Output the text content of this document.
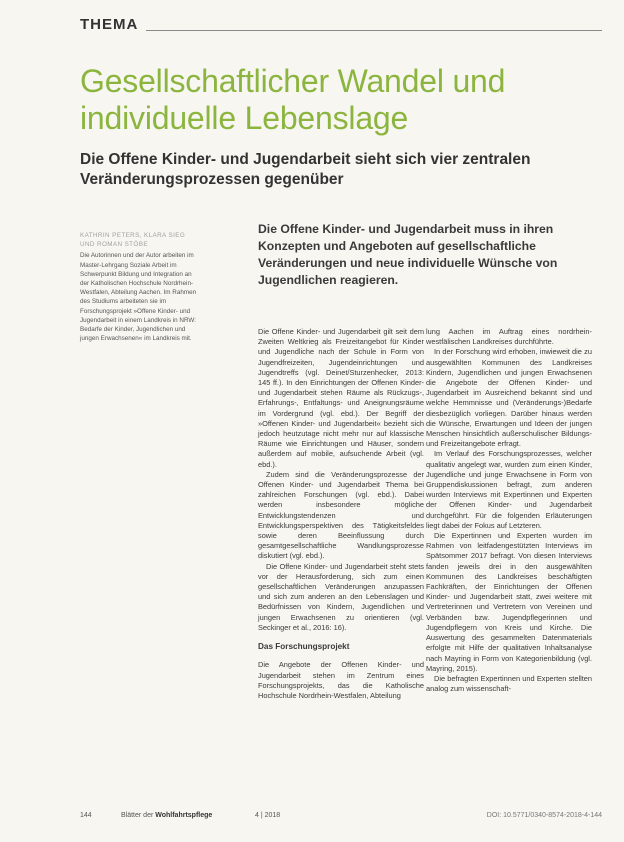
THEMA
Gesellschaftlicher Wandel und individuelle Lebenslage
Die Offene Kinder- und Jugendarbeit sieht sich vier zentralen Veränderungsprozessen gegenüber
KATHRIN PETERS, KLARA SIEG UND ROMAN STÖBE
Die Autorinnen und der Autor arbeiten im Master-Lehrgang Soziale Arbeit im Schwerpunkt Bildung und Integration an der Katholischen Hochschule Nordrhein-Westfalen, Abteilung Aachen. Im Rahmen des Studiums arbeiteten sie im Forschungsprojekt »Offene Kinder- und Jugendarbeit in einem Landkreis in NRW: Bedarfe der Kinder, Jugendlichen und jungen Erwachsenen« im Landkreis mit.

Die Offene Kinder- und Jugendarbeit muss in ihren Konzepten und Angeboten auf gesellschaftliche Veränderungen und neue individuelle Wünsche von Jugendlichen reagieren.

Die Offene Kinder- und Jugendarbeit gilt seit dem Zweiten Weltkrieg als Freizeitangebot für Kinder und Jugendliche nach der Schule in Form von Jugendfreizeiten, Jugendeinrichtungen und Jugendtreffs (vgl. Deinet/Sturzenhecker, 2013: 145 ff.). In den Einrichtungen der Offenen Kinder- und Jugendarbeit stehen Räume als Rückzugs-, Erfahrungs-, Entfaltungs- und Aneignungsräume im Vordergrund (vgl. ebd.). Der Begriff der »Offenen Kinder- und Jugendarbeit« bezieht sich jedoch heutzutage nicht mehr nur auf klassische Räume wie Einrichtungen und Häuser, sondern außerdem auf mobile, aufsuchende Arbeit (vgl. ebd.).

Zudem sind die Veränderungsprozesse der Offenen Kinder- und Jugendarbeit Thema bei zahlreichen Forschungen (vgl. ebd.). Dabei werden insbesondere mögliche Entwicklungstendenzen und Entwicklungsperspektiven des Tätigkeitsfeldes sowie deren Beeinflussung durch gesamtgesellschaftliche Wandlungsprozesse diskutiert (vgl. ebd.).

Die Offene Kinder- und Jugendarbeit steht stets vor der Herausforderung, sich zum einen gesellschaftlichen Veränderungen anzupassen und sich zum anderen an den Lebenslagen und Bedürfnissen von Kindern, Jugendlichen und jungen Erwachsenen zu orientieren (vgl. Seckinger et al., 2016: 16).

Das Forschungsprojekt

Die Angebote der Offenen Kinder- und Jugendarbeit stehen im Zentrum eines Forschungsprojekts, das die Katholische Hochschule Nordrhein-Westfalen, Abteilung

lung Aachen im Auftrag eines nordrhein-westfälischen Landkreises durchführte.

In der Forschung wird erhoben, inwieweit die zu ausgewählten Kommunen des Landkreises Kindern, Jugendlichen und jungen Erwachsenen die Angebote der Offenen Kinder- und Jugendarbeit im Ausreichend bekannt sind und welche Hemmnisse und (Veränderungs-)Bedarfe diesbezüglich vorliegen. Darüber hinaus werden die Wünsche, Erwartungen und Ideen der jungen Menschen hinsichtlich außerschulischer Bildungs- und Freizeitangebote erfragt.

Im Verlauf des Forschungsprozesses, welcher qualitativ angelegt war, wurden zum einen Kinder, Jugendliche und junge Erwachsene in Form von Gruppendiskussionen befragt, zum anderen wurden Interviews mit Expertinnen und Experten der Offenen Kinder- und Jugendarbeit durchgeführt. Für die folgenden Erläuterungen liegt dabei der Fokus auf Letzteren.

Die Expertinnen und Experten wurden im Rahmen von leitfadengestützten Interviews im Spätsommer 2017 befragt. Von diesen Interviews fanden jeweils drei in den ausgewählten Kommunen des Landkreises beschäftigten Fachkräften, der Einrichtungen der Offenen Kinder- und Jugendarbeit statt, zwei weitere mit Vertreterinnen und Vertretern von Vereinen und Verbänden bzw. Jugendpflegerinnen und Jugendpflegern von Kreis und Kirche. Die Auswertung des gesammelten Datenmaterials erfolgte mit Hilfe der qualitativen Inhaltsanalyse nach Mayring in Form von Kategorienbildung (vgl. Mayring, 2015).

Die befragten Expertinnen und Experten stellten analog zum wissenschaft-

144	Blätter der Wohlfahrtspflege	4 | 2018	DOI: 10.5771/0340-8574-2018-4-144
